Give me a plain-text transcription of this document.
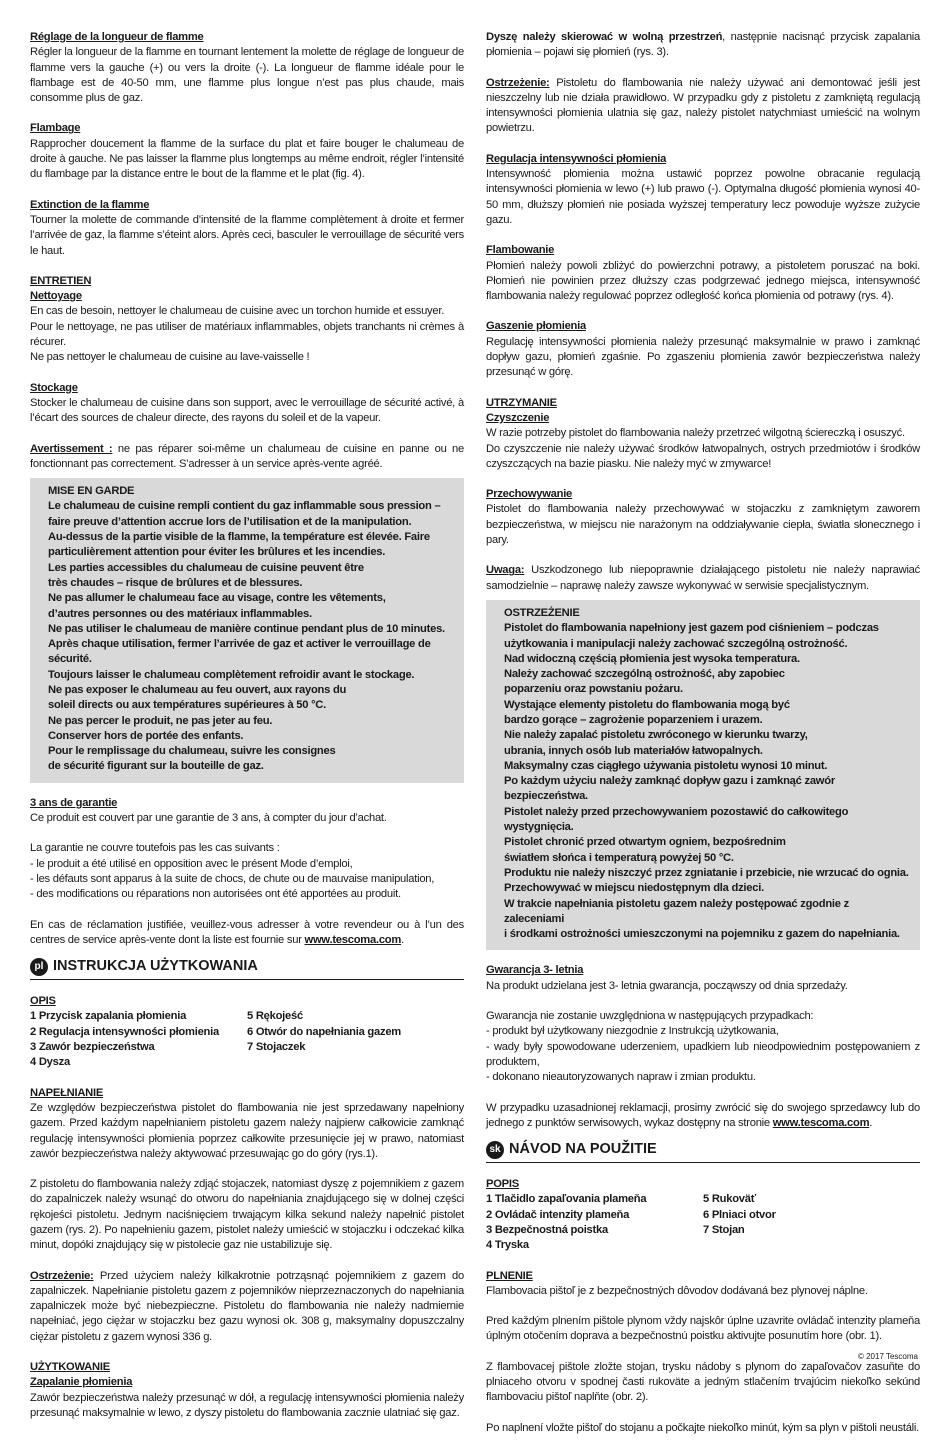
Réglage de la longueur de flamme
Régler la longueur de la flamme en tournant lentement la molette de réglage de longueur de flamme vers la gauche (+) ou vers la droite (-). La longueur de flamme idéale pour le flambage est de 40-50 mm, une flamme plus longue n’est pas plus chaude, mais consomme plus de gaz.
Flambage
Rapprocher doucement la flamme de la surface du plat et faire bouger le chalumeau de droite à gauche. Ne pas laisser la flamme plus longtemps au même endroit, régler l’intensité du flambage par la distance entre le bout de la flamme et le plat (fig. 4).
Extinction de la flamme
Tourner la molette de commande d’intensité de la flamme complètement à droite et fermer l’arrivée de gaz, la flamme s’éteint alors. Après ceci, basculer le verrouillage de sécurité vers le haut.
ENTRETIEN
Nettoyage
En cas de besoin, nettoyer le chalumeau de cuisine avec un torchon humide et essuyer.
Pour le nettoyage, ne pas utiliser de matériaux inflammables, objets tranchants ni crèmes à récurer.
Ne pas nettoyer le chalumeau de cuisine au lave-vaisselle !
Stockage
Stocker le chalumeau de cuisine dans son support, avec le verrouillage de sécurité activé, à l’écart des sources de chaleur directe, des rayons du soleil et de la vapeur.
Avertissement : ne pas réparer soi-même un chalumeau de cuisine en panne ou ne fonctionnant pas correctement. S’adresser à un service après-vente agréé.
MISE EN GARDE
Le chalumeau de cuisine rempli contient du gaz inflammable sous pression –
faire preuve d’attention accrue lors de l’utilisation et de la manipulation.
Au-dessus de la partie visible de la flamme, la température est élevée. Faire
particulièrement attention pour éviter les brûlures et les incendies.
Les parties accessibles du chalumeau de cuisine peuvent être
très chaudes – risque de brûlures et de blessures.
Ne pas allumer le chalumeau face au visage, contre les vêtements,
d’autres personnes ou des matériaux inflammables.
Ne pas utiliser le chalumeau de manière continue pendant plus de 10 minutes.
Après chaque utilisation, fermer l’arrivée de gaz et activer le verrouillage de sécurité.
Toujours laisser le chalumeau complètement refroidir avant le stockage.
Ne pas exposer le chalumeau au feu ouvert, aux rayons du
soleil directs ou aux températures supérieures à 50 °C.
Ne pas percer le produit, ne pas jeter au feu.
Conserver hors de portée des enfants.
Pour le remplissage du chalumeau, suivre les consignes
de sécurité figurant sur la bouteille de gaz.
3 ans de garantie
Ce produit est couvert par une garantie de 3 ans, à compter du jour d’achat.
La garantie ne couvre toutefois pas les cas suivants :
- le produit a été utilisé en opposition avec le présent Mode d’emploi,
- les défauts sont apparus à la suite de chocs, de chute ou de mauvaise manipulation,
- des modifications ou réparations non autorisées ont été apportées au produit.
En cas de réclamation justifiée, veuillez-vous adresser à votre revendeur ou à l’un des centres de service après-vente dont la liste est fournie sur www.tescoma.com.
pl INSTRUKCJA UŻYTKOWANIA
OPIS
1 Przycisk zapalania płomienia
2 Regulacja intensywności płomienia
3 Zawór bezpieczeństwa
4 Dysza
5 Rękojeść
6 Otwór do napełniania gazem
7 Stojaczek
NAPEŁNIANIE
Ze względów bezpieczeństwa pistolet do flambowania nie jest sprzedawany napełniony gazem. Przed każdym napełnianiem pistoletu gazem należy najpierw całkowicie zamknąć regulację intensywności płomienia poprzez całkowite przesunięcie jej w prawo, natomiast zawór bezpieczeństwa należy aktywować przesuwając go do góry (rys.1).
Z pistoletu do flambowania należy zdjąć stojaczek, natomiast dyszę z pojemnikiem z gazem do zapalniczek należy wsunąć do otworu do napełniania znajdującego się w dolnej części rękojeści pistoletu. Jednym naciśnięciem trwającym kilka sekund należy napełnić pistolet gazem (rys. 2). Po napełnieniu gazem, pistolet należy umieścić w stojaczku i odczekać kilka minut, dopóki znajdujący się w pistolecie gaz nie ustabilizuje się.
Ostrzeżenie: Przed użyciem należy kilkakrotnie potrząsnąć pojemnikiem z gazem do zapalniczek. Napełnianie pistoletu gazem z pojemników nieprzeznaczonych do napełniania zapalniczek może być niebezpieczne. Pistoletu do flambowania nie należy nadmiernie napełniać, jego ciężar w stojaczku bez gazu wynosi ok. 308 g, maksymalny dopuszczalny ciężar pistoletu z gazem wynosi 336 g.
UŻYTKOWANIE
Zapalanie płomienia
Zawór bezpieczeństwa należy przesunąć w dół, a regulację intensywności płomienia należy przesunąć maksymalnie w lewo, z dyszy pistoletu do flambowania zacznie ulatniać się gaz.
Dyszę należy skierować w wolną przestrzeń, następnie nacisnąć przycisk zapalania płomienia – pojawi się płomień (rys. 3).
Ostrzeżenie: Pistoletu do flambowania nie należy używać ani demontować jeśli jest nieszczelny lub nie działa prawidłowo. W przypadku gdy z pistoletu z zamkniętą regulacją intensywności płomienia ulatnia się gaz, należy pistolet natychmiast umieścić na wolnym powietrzu.
Regulacja intensywności płomienia
Intensywność płomienia można ustawić poprzez powolne obracanie regulacją intensywności płomienia w lewo (+) lub prawo (-). Optymalna długość płomienia wynosi 40-50 mm, dłuższy płomień nie posiada wyższej temperatury lecz powoduje wyższe zużycie gazu.
Flambowanie
Płomień należy powoli zbliżyć do powierzchni potrawy, a pistoletem poruszać na boki. Płomień nie powinien przez dłuższy czas podgrzewać jednego miejsca, intensywność flambowania należy regulować poprzez odległość końca płomienia od potrawy (rys. 4).
Gaszenie płomienia
Regulację intensywności płomienia należy przesunąć maksymalnie w prawo i zamknąć dopływ gazu, płomień zgaśnie. Po zgaszeniu płomienia zawór bezpieczeństwa należy przesunąć w górę.
UTRZYMANIE
Czyszczenie
W razie potrzeby pistolet do flambowania należy przetrzeć wilgotną ściereczką i osuszyć.
Do czyszczenie nie należy używać środków łatwopalnych, ostrych przedmiotów i środków czyszczących na bazie piasku. Nie należy myć w zmywarce!
Przechowywanie
Pistolet do flambowania należy przechowywać w stojaczku z zamkniętym zaworem bezpieczeństwa, w miejscu nie narażonym na oddziaływanie ciepła, światła słonecznego i pary.
Uwaga: Uszkodzonego lub niepoprawnie działającego pistoletu nie należy naprawiać samodzielnie – naprawę należy zawsze wykonywać w serwisie specjalistycznym.
OSTRZEŻENIE
Pistolet do flambowania napełniony jest gazem pod ciśnieniem – podczas
użytkowania i manipulacji należy zachować szczególną ostrożność.
Nad widoczną częścią płomienia jest wysoka temperatura.
Należy zachować szczególną ostrożność, aby zapobiec
poparzeniu oraz powstaniu pożaru.
Wystające elementy pistoletu do flambowania mogą być
bardzo gorące – zagrożenie poparzeniem i urazem.
Nie należy zapalać pistoletu zwróconego w kierunku twarzy,
ubrania, innych osób lub materiałów łatwopalnych.
Maksymalny czas ciągłego używania pistoletu wynosi 10 minut.
Po każdym użyciu należy zamknąć dopływ gazu i zamknąć zawór bezpieczeństwa.
Pistolet należy przed przechowywaniem pozostawić do całkowitego wystygnięcia.
Pistolet chronić przed otwartym ogniem, bezpośrednim
światłem słońca i temperaturą powyżej 50 °C.
Produktu nie należy niszczyć przez zgniatanie i przebicie, nie wrzucać do ognia.
Przechowywać w miejscu niedostępnym dla dzieci.
W trakcie napełniania pistoletu gazem należy postępować zgodnie z zaleceniami
i środkami ostrożności umieszczonymi na pojemniku z gazem do napełniania.
Gwarancja 3- letnia
Na produkt udzielana jest 3- letnia gwarancja, począwszy od dnia sprzedaży.
Gwarancja nie zostanie uwzględniona w następujących przypadkach:
- produkt był użytkowany niezgodnie z Instrukcją użytkowania,
- wady były spowodowane uderzeniem, upadkiem lub nieodpowiednim postępowaniem z produktem,
- dokonano nieautoryzowanych napraw i zmian produktu.
W przypadku uzasadnionej reklamacji, prosimy zwrócić się do swojego sprzedawcy lub do jednego z punktów serwisowych, wykaz dostępny na stronie www.tescoma.com.
sk NÁVOD NA POUŽITIE
POPIS
1 Tlačidlo zapaľovania plameňa
2 Ovládač intenzity plameňa
3 Bezpečnostná poistka
4 Tryska
5 Rukoväť
6 Plniaci otvor
7 Stojan
PLNENIE
Flambovacia pištoľ je z bezpečnostných dôvodov dodávaná bez plynovej náplne.
Pred každým plnením pištole plynom vždy najskôr úplne uzavrite ovládač intenzity plameňa úplným otočením doprava a bezpečnostnú poistku aktivujte posunutím hore (obr. 1).
Z flambovacej pištole zložte stojan, trysku nádoby s plynom do zapaľovačov zasuňte do plniaceho otvoru v spodnej časti rukoväte a jedným stlačením trvajúcim niekoľko sekúnd flambovaciu pištoľ naplňte (obr. 2).
Po naplnení vložte pištoľ do stojanu a počkajte niekoľko minút, kým sa plyn v pištoli neustáli.
© 2017 Tescoma
